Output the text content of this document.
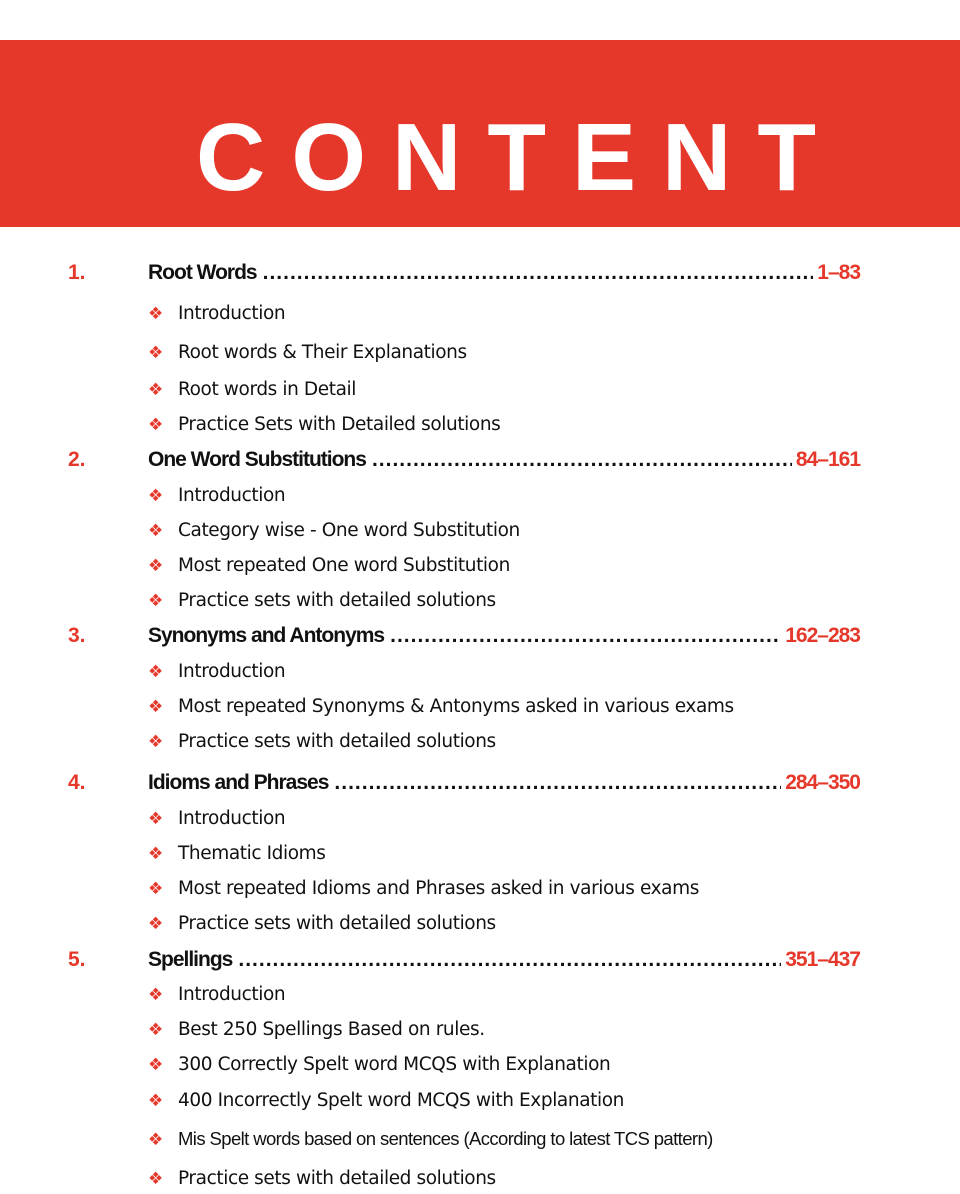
CONTENT
1.	Root Words .....	1–83
❖ Introduction
❖ Root words & Their Explanations
❖ Root words in Detail
❖ Practice Sets with Detailed solutions
2.	One Word Substitutions .....	84–161
❖ Introduction
❖ Category wise - One word Substitution
❖ Most repeated One word Substitution
❖ Practice sets with detailed solutions
3.	Synonyms and Antonyms .....	162–283
❖ Introduction
❖ Most repeated Synonyms & Antonyms asked in various exams
❖ Practice sets with detailed solutions
4.	Idioms and Phrases .....	284–350
❖ Introduction
❖ Thematic Idioms
❖ Most repeated Idioms and Phrases asked in various exams
❖ Practice sets with detailed solutions
5.	Spellings .....	351–437
❖ Introduction
❖ Best 250 Spellings Based on rules.
❖ 300 Correctly Spelt word MCQS with Explanation
❖ 400 Incorrectly Spelt word MCQS with Explanation
❖ Mis Spelt words based on sentences (According to latest TCS pattern)
❖ Practice sets with detailed solutions
